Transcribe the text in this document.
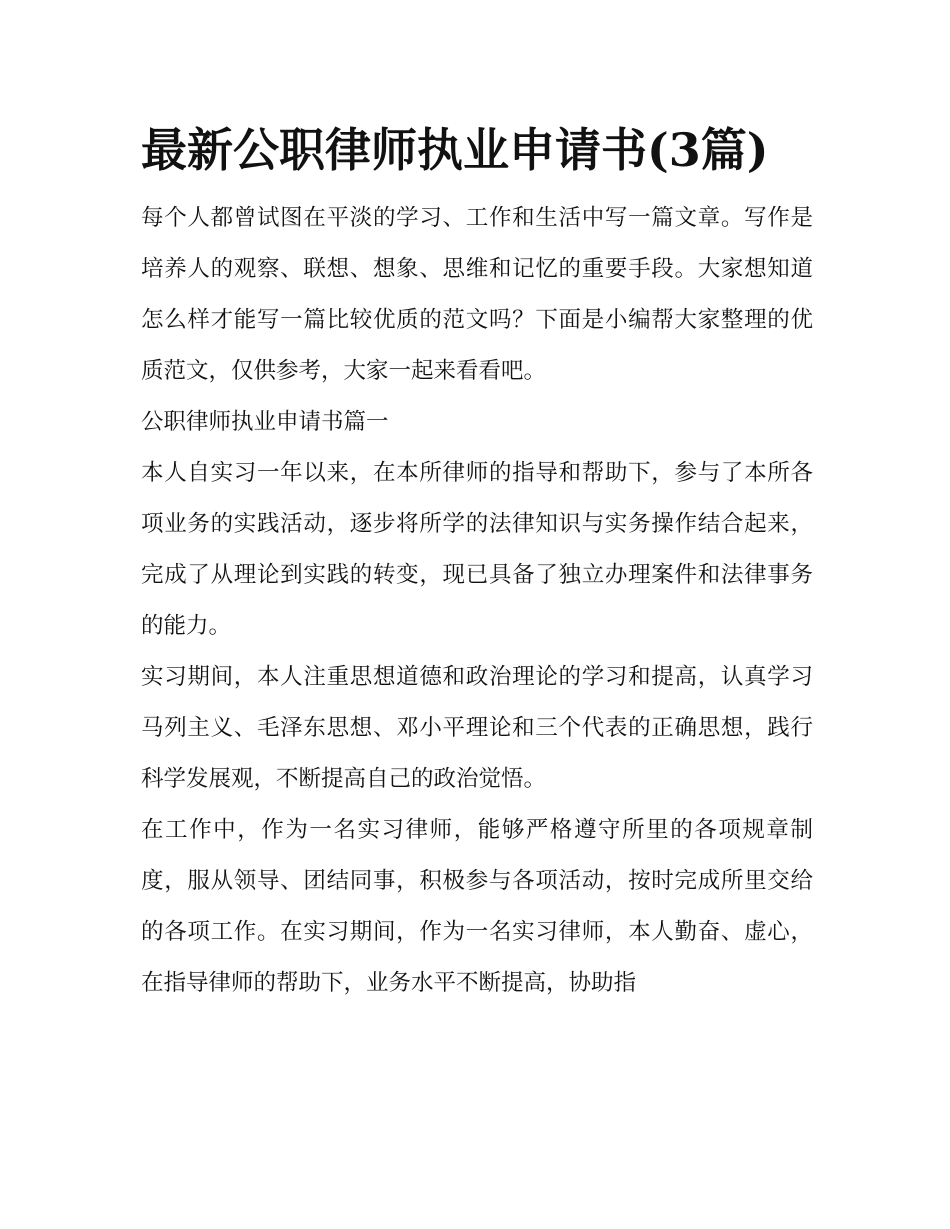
最新公职律师执业申请书(3篇)

每个人都曾试图在平淡的学习、工作和生活中写一篇文章。写作是培养人的观察、联想、想象、思维和记忆的重要手段。大家想知道怎么样才能写一篇比较优质的范文吗？下面是小编帮大家整理的优质范文，仅供参考，大家一起来看看吧。

公职律师执业申请书篇一

本人自实习一年以来，在本所律师的指导和帮助下，参与了本所各项业务的实践活动，逐步将所学的法律知识与实务操作结合起来，完成了从理论到实践的转变，现已具备了独立办理案件和法律事务的能力。

实习期间，本人注重思想道德和政治理论的学习和提高，认真学习马列主义、毛泽东思想、邓小平理论和三个代表的正确思想，践行科学发展观，不断提高自己的政治觉悟。

在工作中，作为一名实习律师，能够严格遵守所里的各项规章制度，服从领导、团结同事，积极参与各项活动，按时完成所里交给的各项工作。在实习期间，作为一名实习律师，本人勤奋、虚心，在指导律师的帮助下，业务水平不断提高，协助指
